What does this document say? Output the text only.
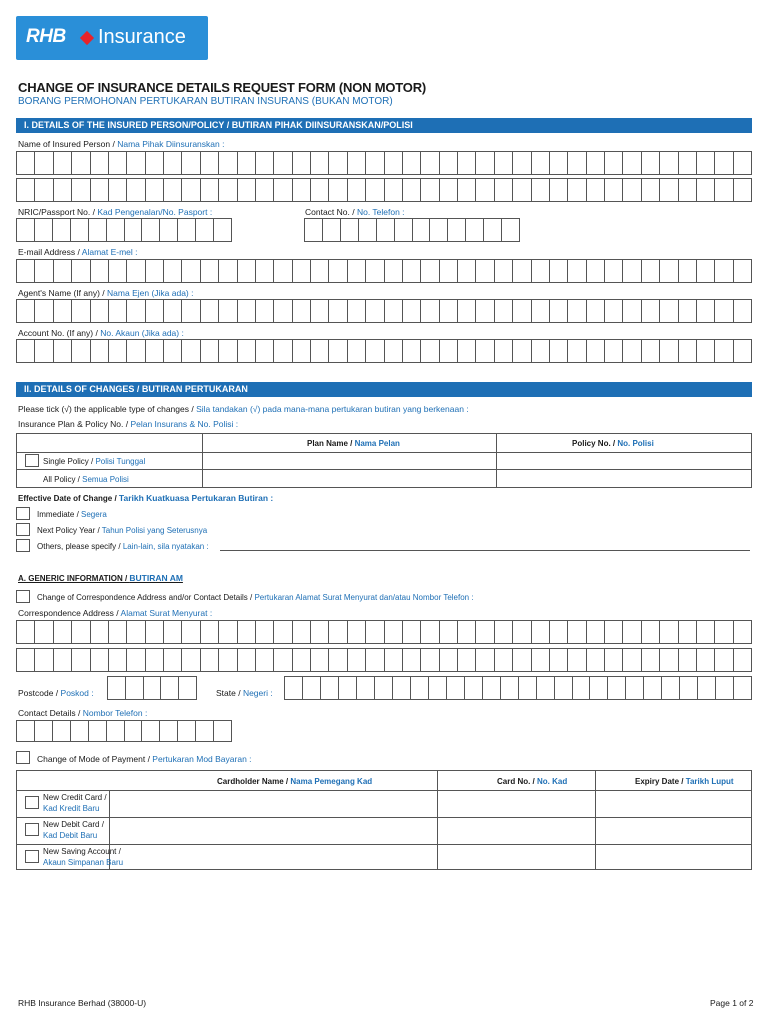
RHB Insurance
CHANGE OF INSURANCE DETAILS REQUEST FORM (NON MOTOR)
BORANG PERMOHONAN PERTUKARAN BUTIRAN INSURANS (BUKAN MOTOR)
I. DETAILS OF THE INSURED PERSON/POLICY / BUTIRAN PIHAK DIINSURANSKAN/POLISI
Name of Insured Person / Nama Pihak Diinsuranskan :
NRIC/Passport No. / Kad Pengenalan/No. Pasport :	Contact No. / No. Telefon :
E-mail Address / Alamat E-mel :
Agent's Name (If any) / Nama Ejen (Jika ada) :
Account No. (If any) / No. Akaun (Jika ada) :
II. DETAILS OF CHANGES / BUTIRAN PERTUKARAN
Please tick (√) the applicable type of changes / Sila tandakan (√) pada mana-mana pertukaran butiran yang berkenaan :
Insurance Plan & Policy No. / Pelan Insurans & No. Polisi :
Plan Name / Nama Pelan	Policy No. / No. Polisi
Single Policy / Polisi Tunggal
All Policy / Semua Polisi
Effective Date of Change / Tarikh Kuatkuasa Pertukaran Butiran :
Immediate / Segera
Next Policy Year / Tahun Polisi yang Seterusnya
Others, please specify / Lain-lain, sila nyatakan :
A. GENERIC INFORMATION / BUTIRAN AM
Change of Correspondence Address and/or Contact Details / Pertukaran Alamat Surat Menyurat dan/atau Nombor Telefon :
Correspondence Address / Alamat Surat Menyurat :
Postcode / Poskod :	State / Negeri :
Contact Details / Nombor Telefon :
Change of Mode of Payment / Pertukaran Mod Bayaran :
Cardholder Name / Nama Pemegang Kad	Card No. / No. Kad	Expiry Date / Tarikh Luput
New Credit Card /
Kad Kredit Baru
New Debit Card /
Kad Debit Baru
New Saving Account /
Akaun Simpanan Baru
RHB Insurance Berhad (38000-U)	Page 1 of 2
